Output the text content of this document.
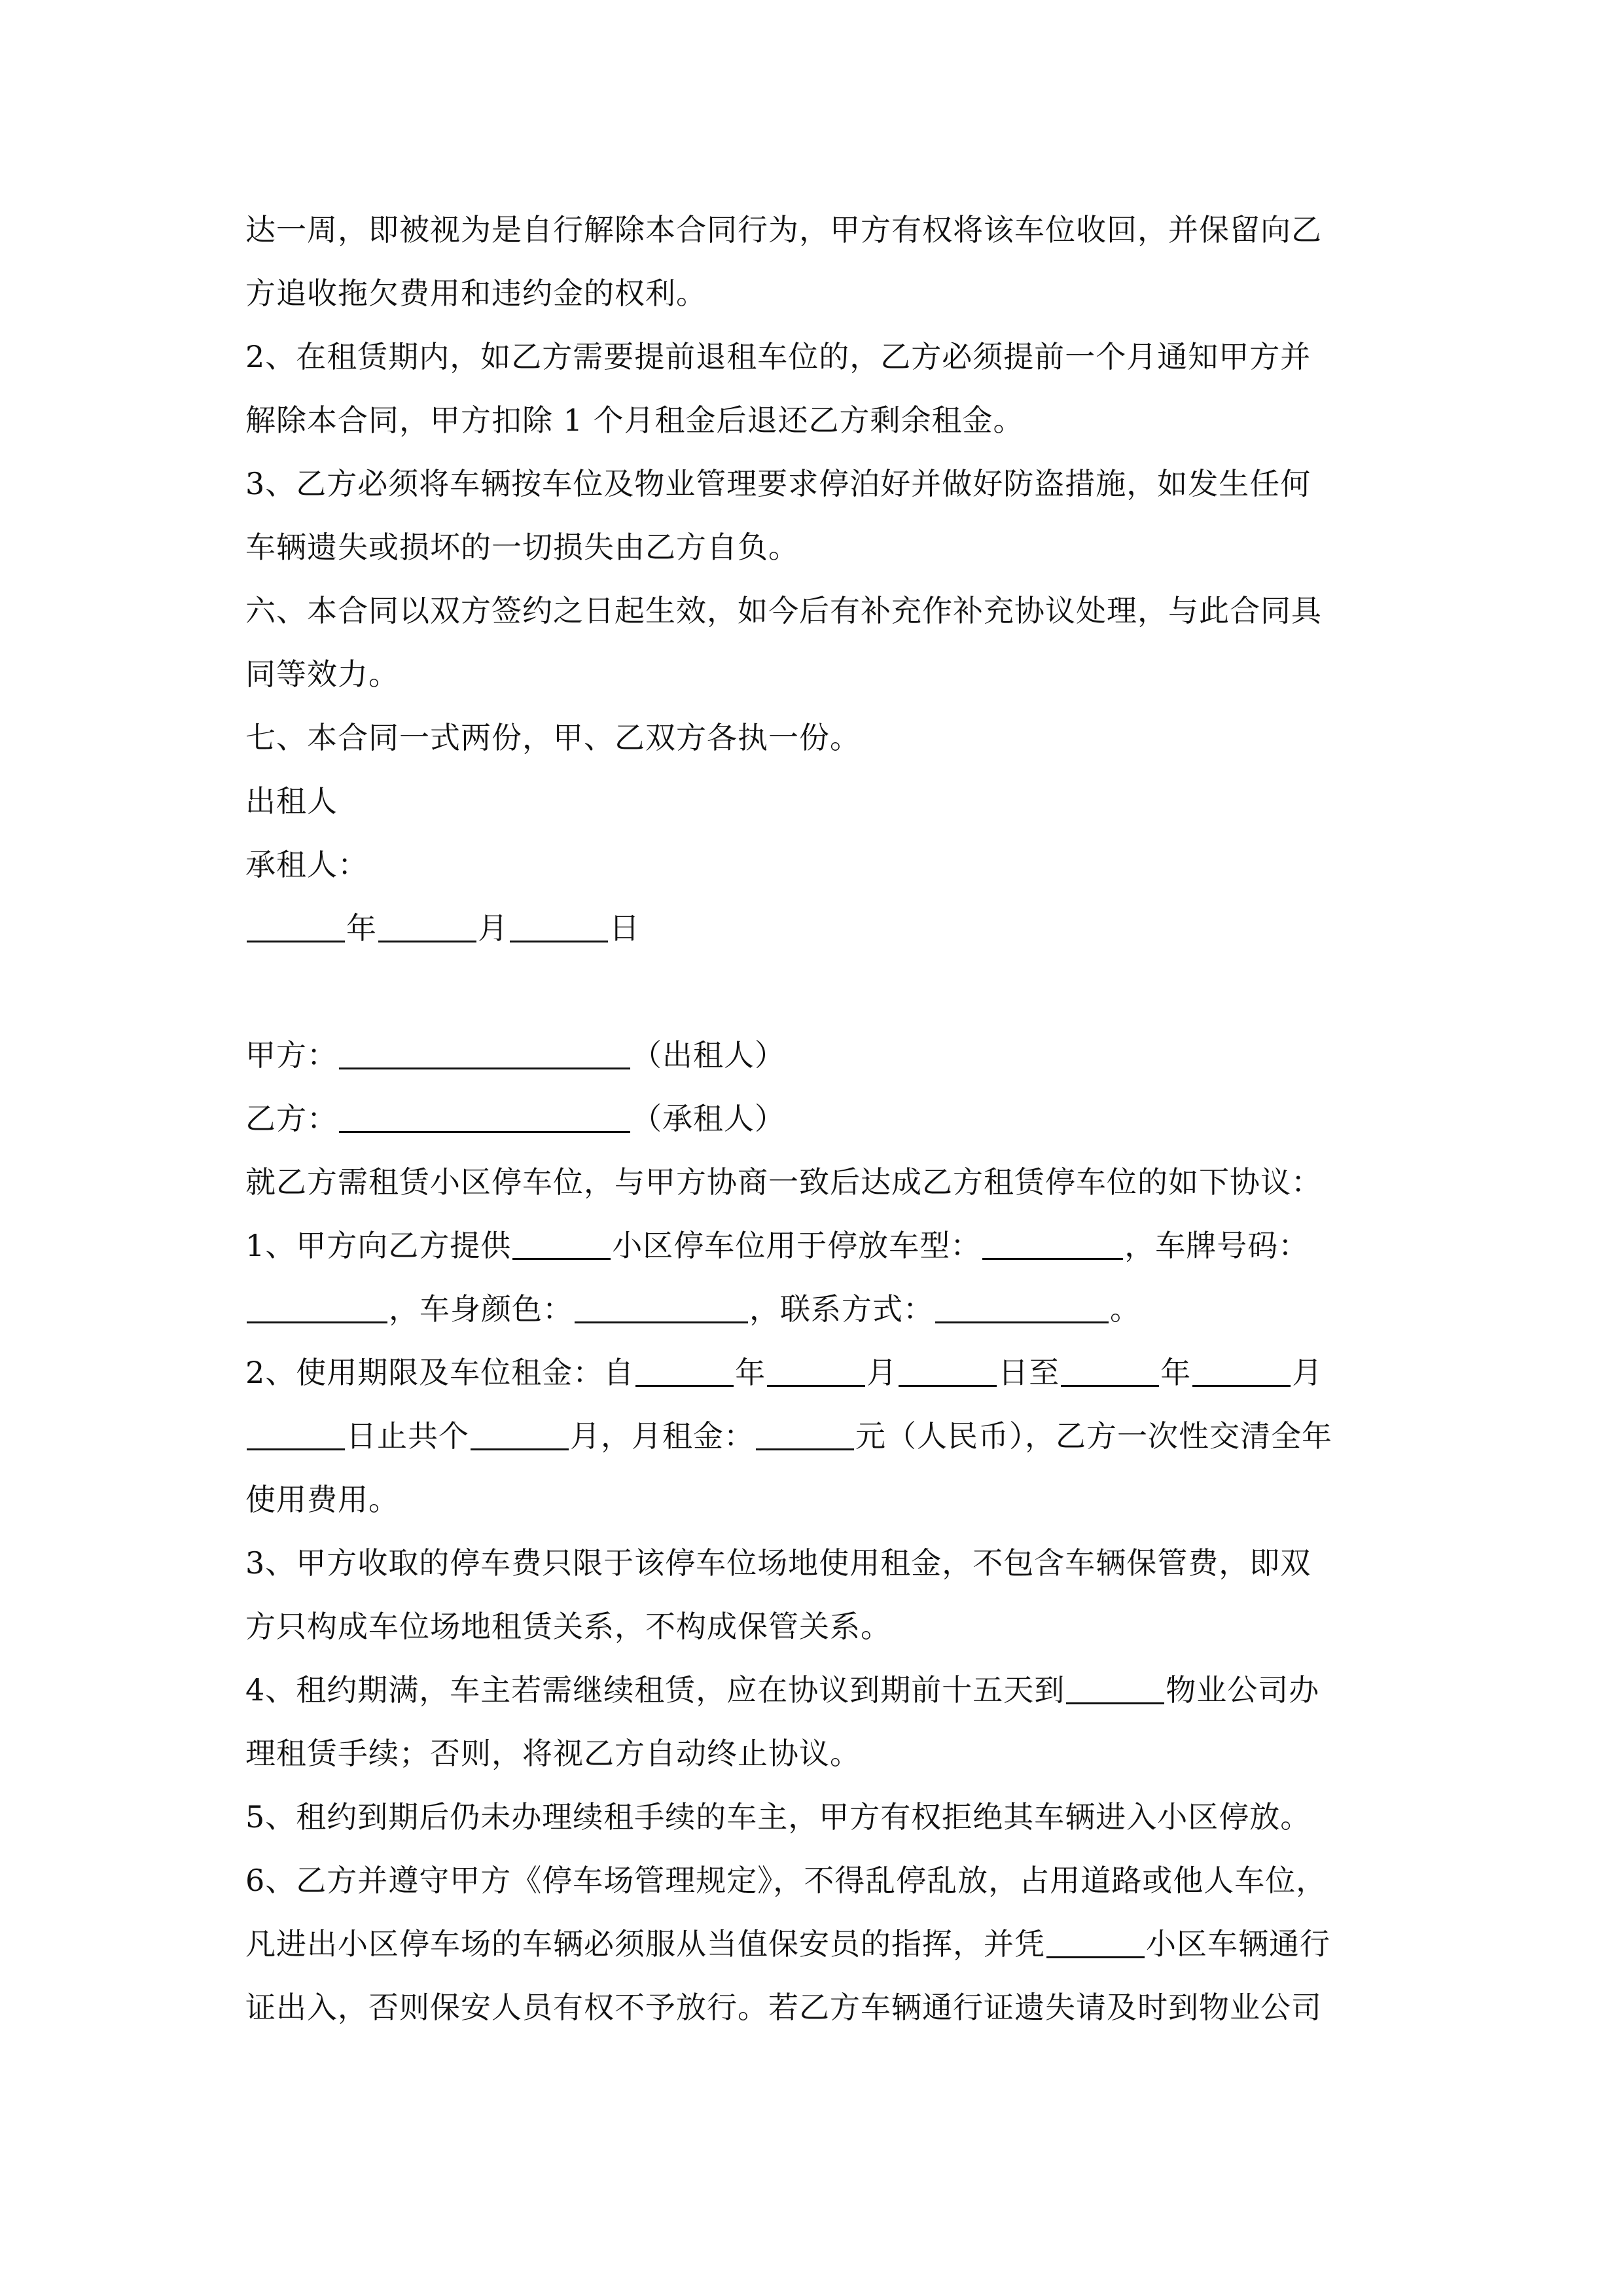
达一周，即被视为是自行解除本合同行为，甲方有权将该车位收回，并保留向乙
方追收拖欠费用和违约金的权利。
2、在租赁期内，如乙方需要提前退租车位的，乙方必须提前一个月通知甲方并
解除本合同，甲方扣除 1 个月租金后退还乙方剩余租金。
3、乙方必须将车辆按车位及物业管理要求停泊好并做好防盗措施，如发生任何
车辆遗失或损坏的一切损失由乙方自负。
六、本合同以双方签约之日起生效，如今后有补充作补充协议处理，与此合同具
同等效力。
七、本合同一式两份，甲、乙双方各执一份。
出租人
承租人：
年	月	日
甲方：	（出租人）
乙方：	（承租人）
就乙方需租赁小区停车位，与甲方协商一致后达成乙方租赁停车位的如下协议：
1、甲方向乙方提供	小区停车位用于停放车型：	，车牌号码：
，车身颜色：	，联系方式：	。
2、使用期限及车位租金：自	年	月	日至	年	月
日止共个	月，月租金：	元（人民币），乙方一次性交清全年
使用费用。
3、甲方收取的停车费只限于该停车位场地使用租金，不包含车辆保管费，即双
方只构成车位场地租赁关系，不构成保管关系。
4、租约期满，车主若需继续租赁，应在协议到期前十五天到	物业公司办
理租赁手续；否则，将视乙方自动终止协议。
5、租约到期后仍未办理续租手续的车主，甲方有权拒绝其车辆进入小区停放。
6、乙方并遵守甲方《停车场管理规定》，不得乱停乱放，占用道路或他人车位，
凡进出小区停车场的车辆必须服从当值保安员的指挥，并凭	小区车辆通行
证出入，否则保安人员有权不予放行。若乙方车辆通行证遗失请及时到物业公司
